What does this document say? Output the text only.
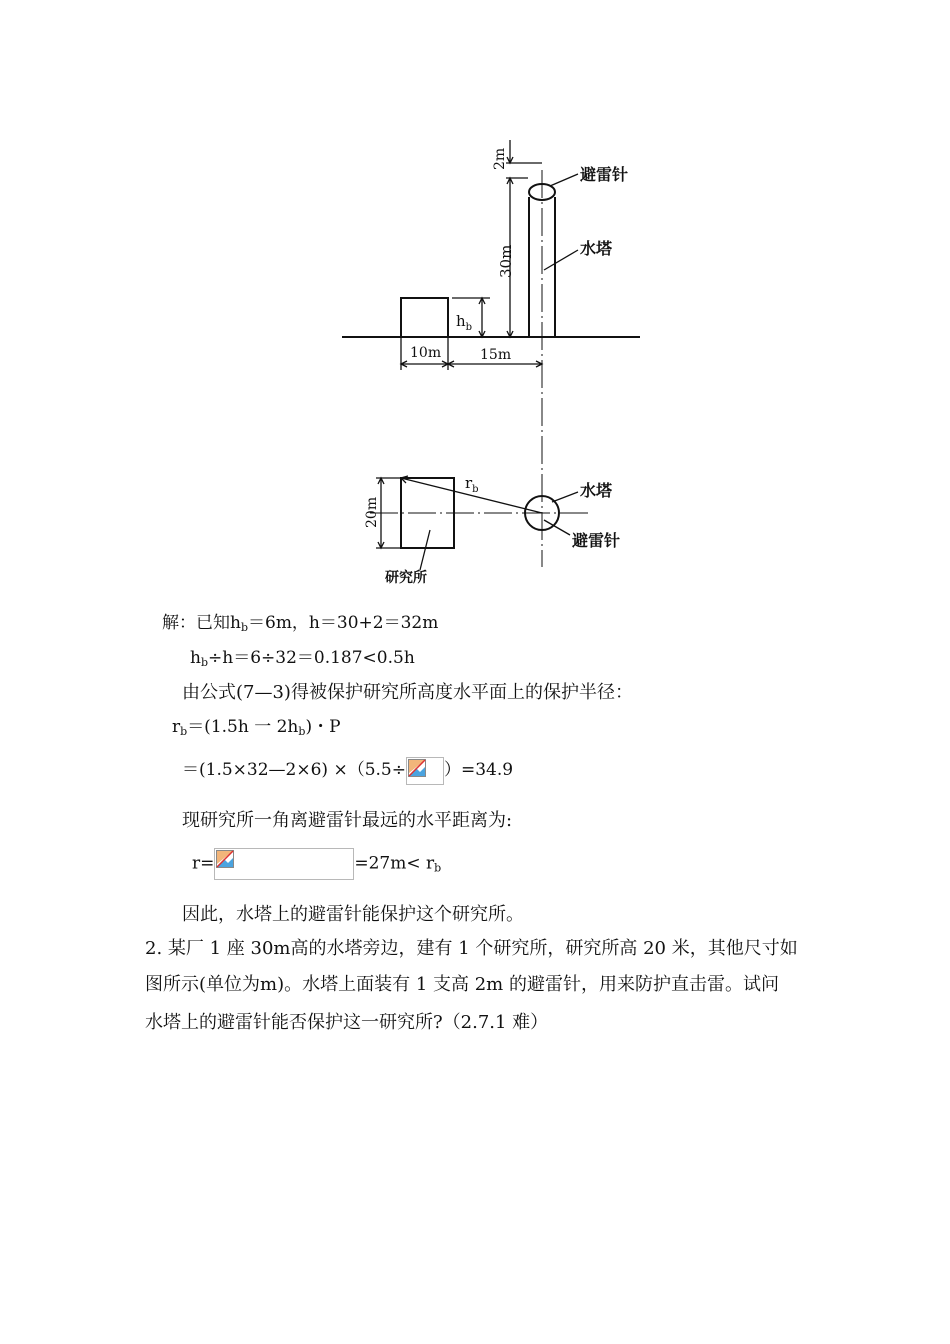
2m
30m
避雷针
水塔
$h_b$
10m	15m
20m
$r_b$	水塔
避雷针
研究所
解：已知$h_b=6m$，h＝30+2＝32m
$h_b\div h=6\div 32=0.187<0.5h$
由公式(7—3)得被保护研究所高度水平面上的保护半径：
$r_b=(1.5h$ 一 $2h_b$)・P
＝(1.5×32—2×6) ×（5.5÷ ）=34.9
现研究所一角离避雷针最远的水平距离为:
r=	$=27m< r_b$
因此，水塔上的避雷针能保护这个研究所。
2. 某厂 1 座 30m高的水塔旁边，建有 1 个研究所，研究所高 20 米，其他尺寸如
图所示(单位为m)。水塔上面装有 1 支高 2m 的避雷针，用来防护直击雷。试问
水塔上的避雷针能否保护这一研究所?（2.7.1 难）
